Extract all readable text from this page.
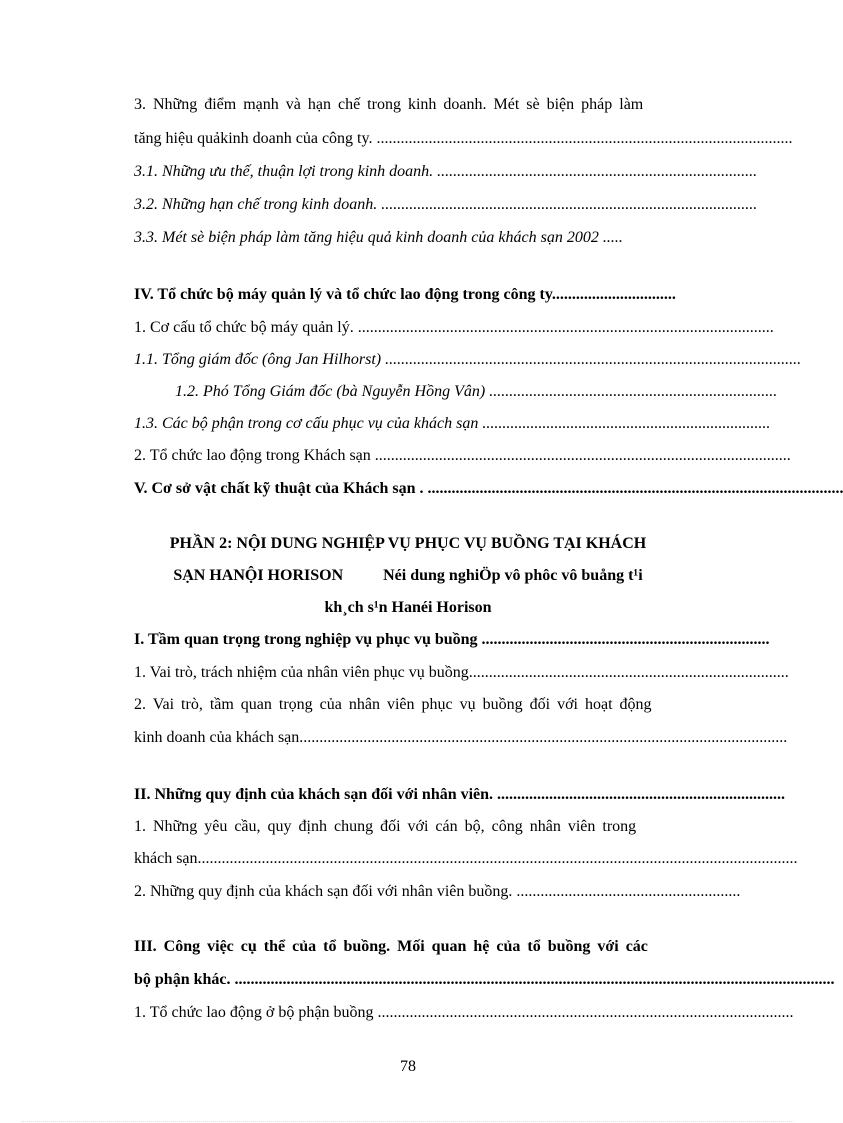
3. Những điểm mạnh và hạn chế trong kinh doanh. Mét sè biện pháp làm
tăng hiệu quảkinh doanh của công ty. ........................................................................................................
3.1. Những ưu thế, thuận lợi trong kinh doanh. ................................................................................
3.2. Những hạn chế trong kinh doanh. ..............................................................................................
3.3. Mét sè biện pháp làm tăng hiệu quả kinh doanh của khách sạn 2002 .....
IV. Tổ chức bộ máy quản lý và tổ chức lao động trong công ty...............................
1. Cơ cấu tổ chức bộ máy quản lý. ........................................................................................................
1.1. Tổng giám đốc (ông Jan Hilhorst) ........................................................................................................
1.2. Phó Tổng Giám đốc (bà Nguyễn Hồng Vân) ........................................................................
1.3. Các bộ phận trong cơ cấu phục vụ của khách sạn ........................................................................
2. Tổ chức lao động trong Khách sạn ........................................................................................................
V. Cơ sở vật chất kỹ thuật của Khách sạn . ........................................................................................................
PHẦN 2: NỘI DUNG NGHIỆP VỤ PHỤC VỤ BUỒNG TẠI KHÁCH
SẠN HANỘI HORISON          Néi dung nghiÖp vô phôc vô buång t¹i
kh¸ch s¹n Hanéi Horison
I. Tầm quan trọng trong nghiệp vụ phục vụ buồng ........................................................................
1. Vai trò, trách nhiệm của nhân viên phục vụ buồng................................................................................
2. Vai trò, tầm quan trọng của nhân viên phục vụ buồng đối với hoạt động
kinh doanh của khách sạn..........................................................................................................................
II. Những quy định của khách sạn đối với nhân viên. ........................................................................
1. Những yêu cầu, quy định chung đối với cán bộ, công nhân viên trong
khách sạn......................................................................................................................................................
2. Những quy định của khách sạn đối với nhân viên buồng. ........................................................
III. Công việc cụ thể của tổ buồng. Mối quan hệ của tổ buồng với các
bộ phận khác. ......................................................................................................................................................
1. Tổ chức lao động ở bộ phận buồng ........................................................................................................
78
